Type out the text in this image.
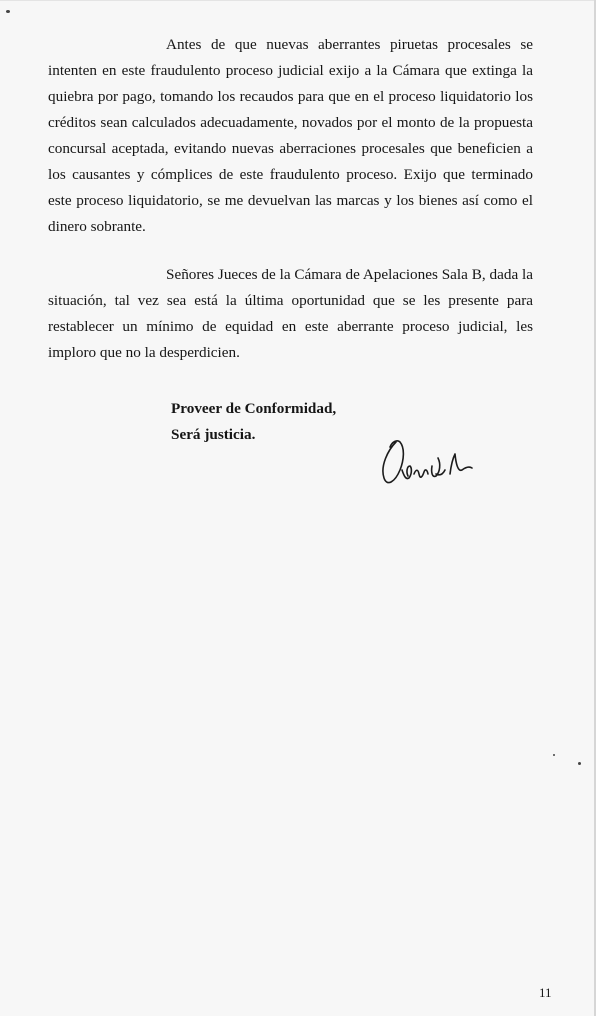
Antes de que nuevas aberrantes piruetas procesales se intenten en este fraudulento proceso judicial exijo a la Cámara que extinga la quiebra por pago, tomando los recaudos para que en el proceso liquidatorio los créditos sean calculados adecuadamente, novados por el monto de la propuesta concursal aceptada, evitando nuevas aberraciones procesales que beneficien a los causantes y cómplices de este fraudulento proceso. Exijo que terminado este proceso liquidatorio, se me devuelvan las marcas y los bienes así como el dinero sobrante.

Señores Jueces de la Cámara de Apelaciones Sala B, dada la situación, tal vez sea está la última oportunidad que se les presente para restablecer un mínimo de equidad en este aberrante proceso judicial, les imploro que no la desperdicien.

Proveer de Conformidad,

Será justicia.

11
